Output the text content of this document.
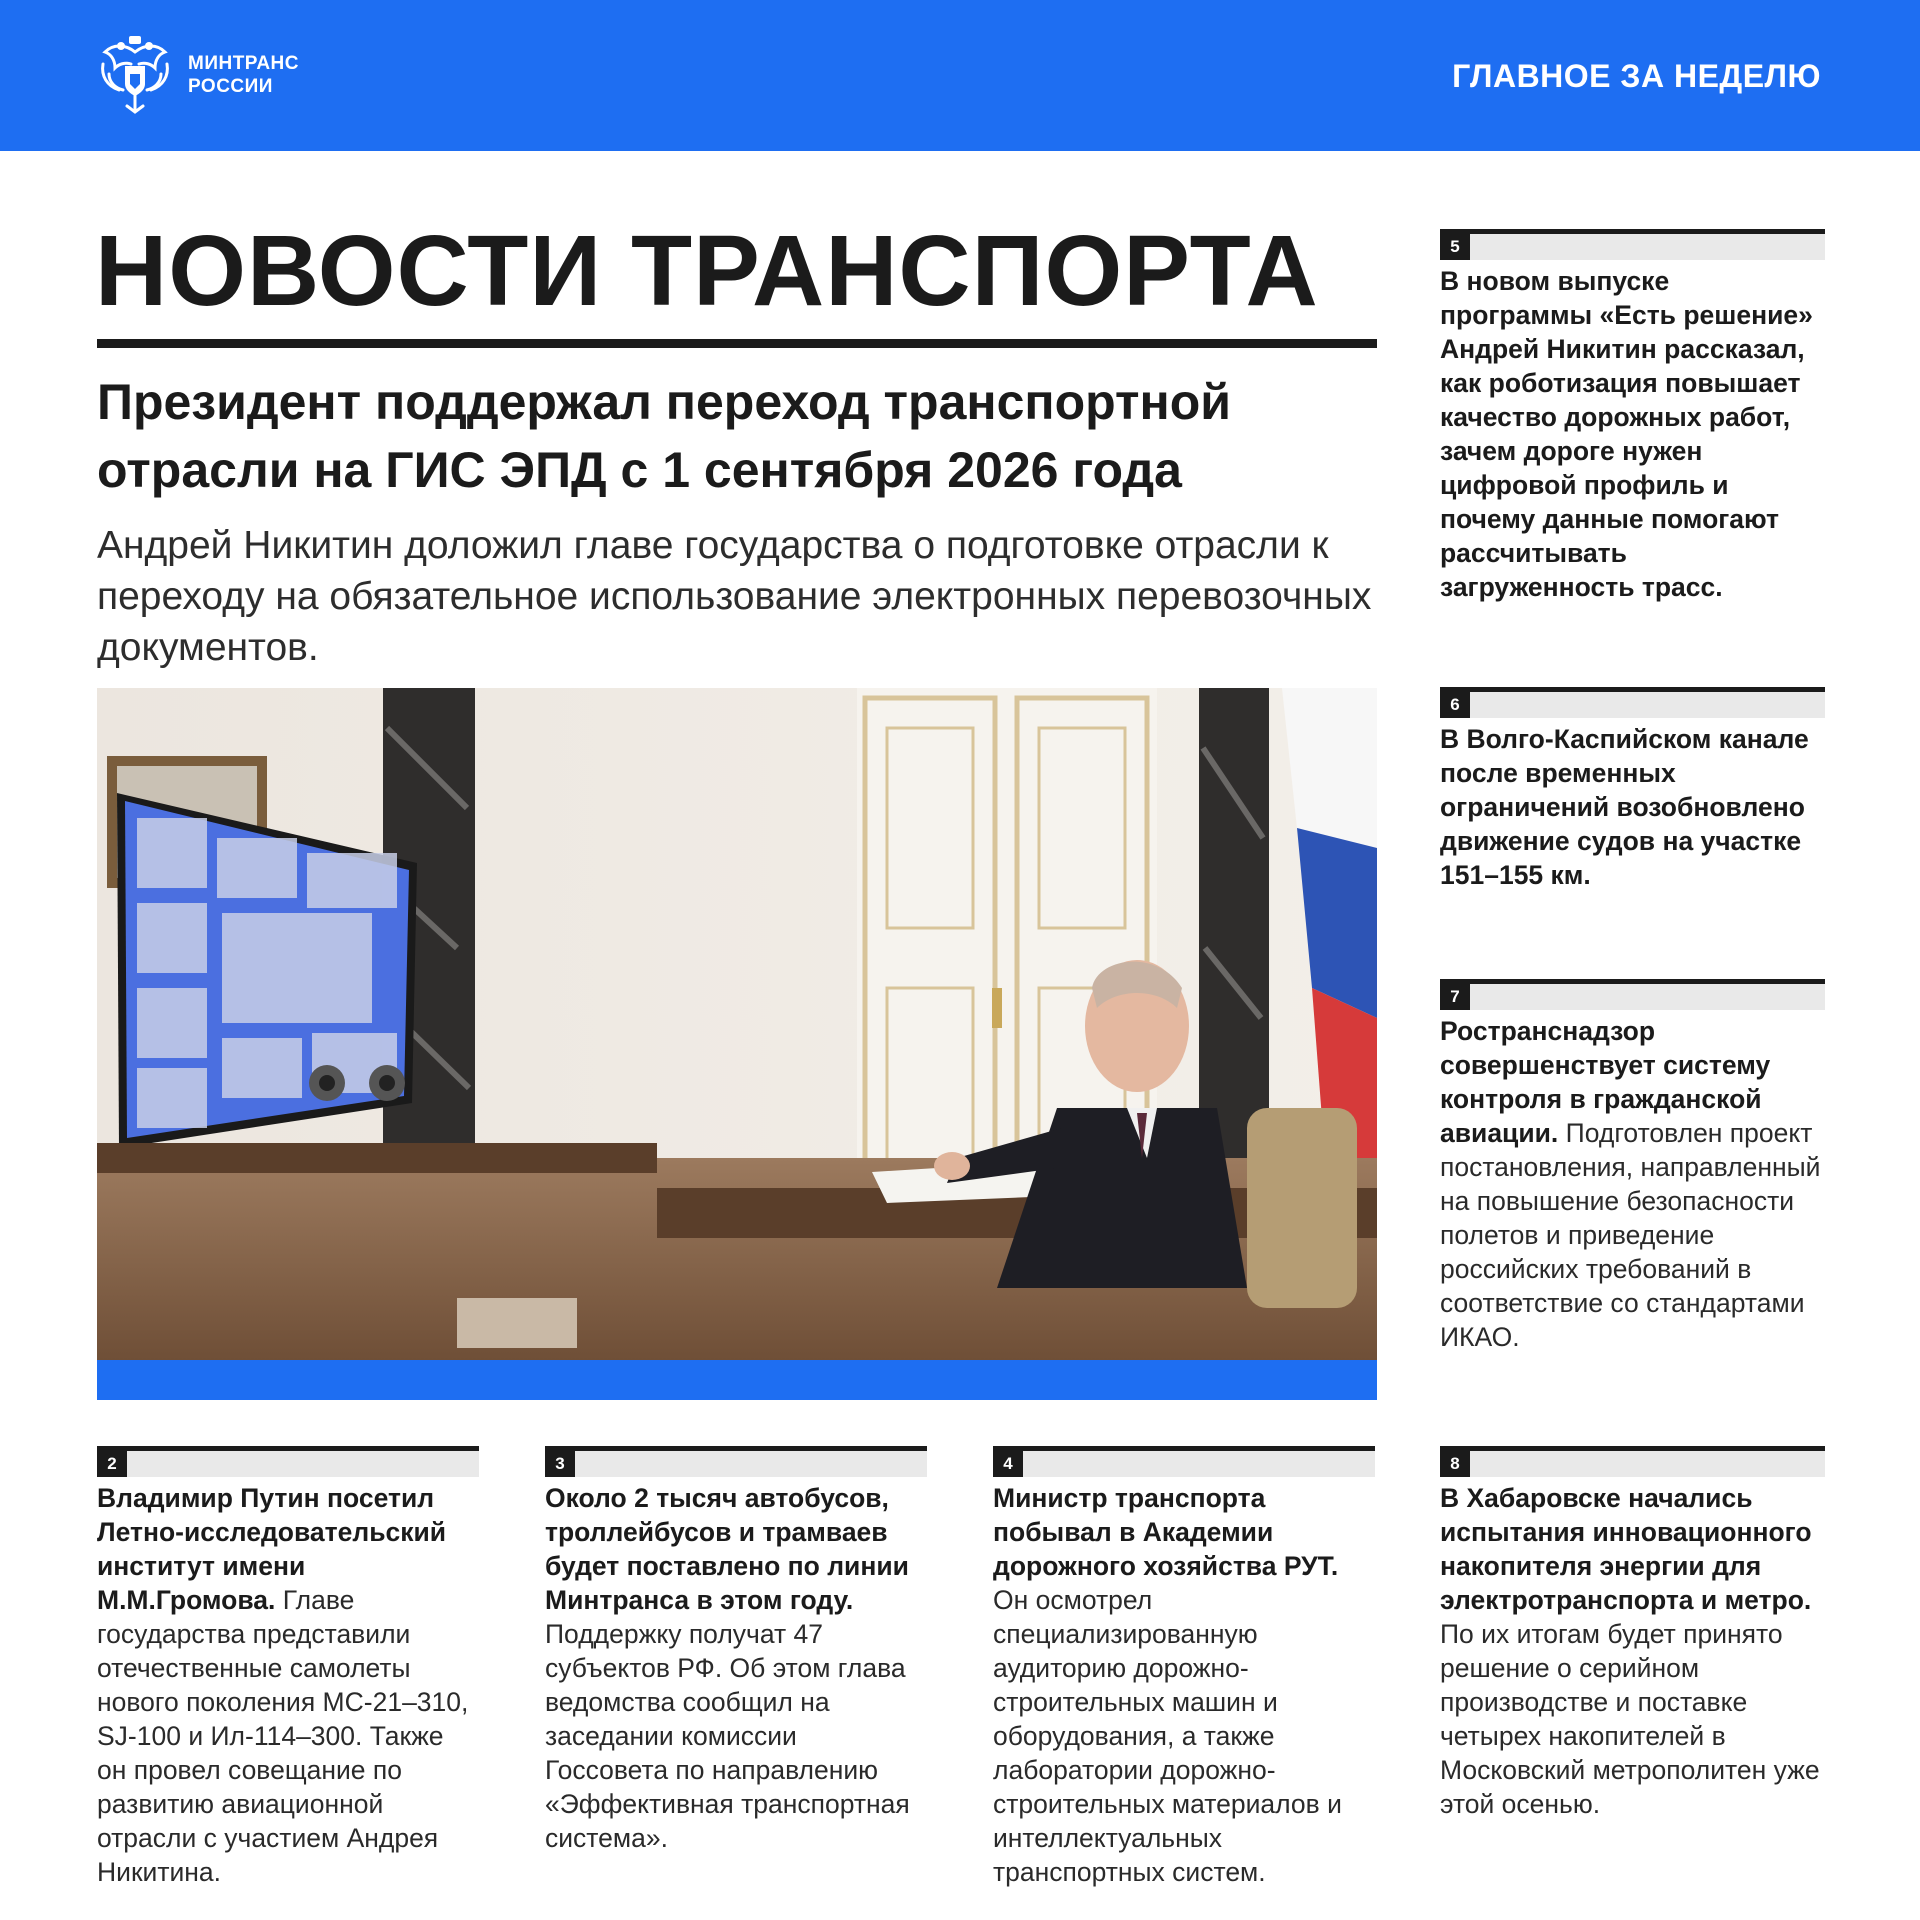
МИНТРАНС
РОССИИ	ГЛАВНОЕ ЗА НЕДЕЛЮ
НОВОСТИ ТРАНСПОРТА
Президент поддержал переход транспортной отрасли на ГИС ЭПД с 1 сентября 2026 года
Андрей Никитин доложил главе государства о подготовке отрасли к переходу на обязательное использование электронных перевозочных документов.
5
В новом выпуске программы «Есть решение» Андрей Никитин рассказал, как роботизация повышает качество дорожных работ, зачем дороге нужен цифровой профиль и почему данные помогают рассчитывать загруженность трасс.
6
В Волго-Каспийском канале после временных ограничений возобновлено движение судов на участке 151–155 км.
7
Ространснадзор совершенствует систему контроля в гражданской авиации. Подготовлен проект постановления, направленный на повышение безопасности полетов и приведение российских требований в соответствие со стандартами ИКАО.
8
В Хабаровске начались испытания инновационного накопителя энергии для электротранспорта и метро. По их итогам будет принято решение о серийном производстве и поставке четырех накопителей в Московский метрополитен уже этой осенью.
2
Владимир Путин посетил Летно-исследовательский институт имени М.М.Громова. Главе государства представили отечественные самолеты нового поколения МС-21–310, SJ-100 и Ил-114–300. Также он провел совещание по развитию авиационной отрасли с участием Андрея Никитина.
3
Около 2 тысяч автобусов, троллейбусов и трамваев будет поставлено по линии Минтранса в этом году. Поддержку получат 47 субъектов РФ. Об этом глава ведомства сообщил на заседании комиссии Госсовета по направлению «Эффективная транспортная система».
4
Министр транспорта побывал в Академии дорожного хозяйства РУТ. Он осмотрел специализированную аудиторию дорожно-строительных машин и оборудования, а также лаборатории дорожно-строительных материалов и интеллектуальных транспортных систем.
